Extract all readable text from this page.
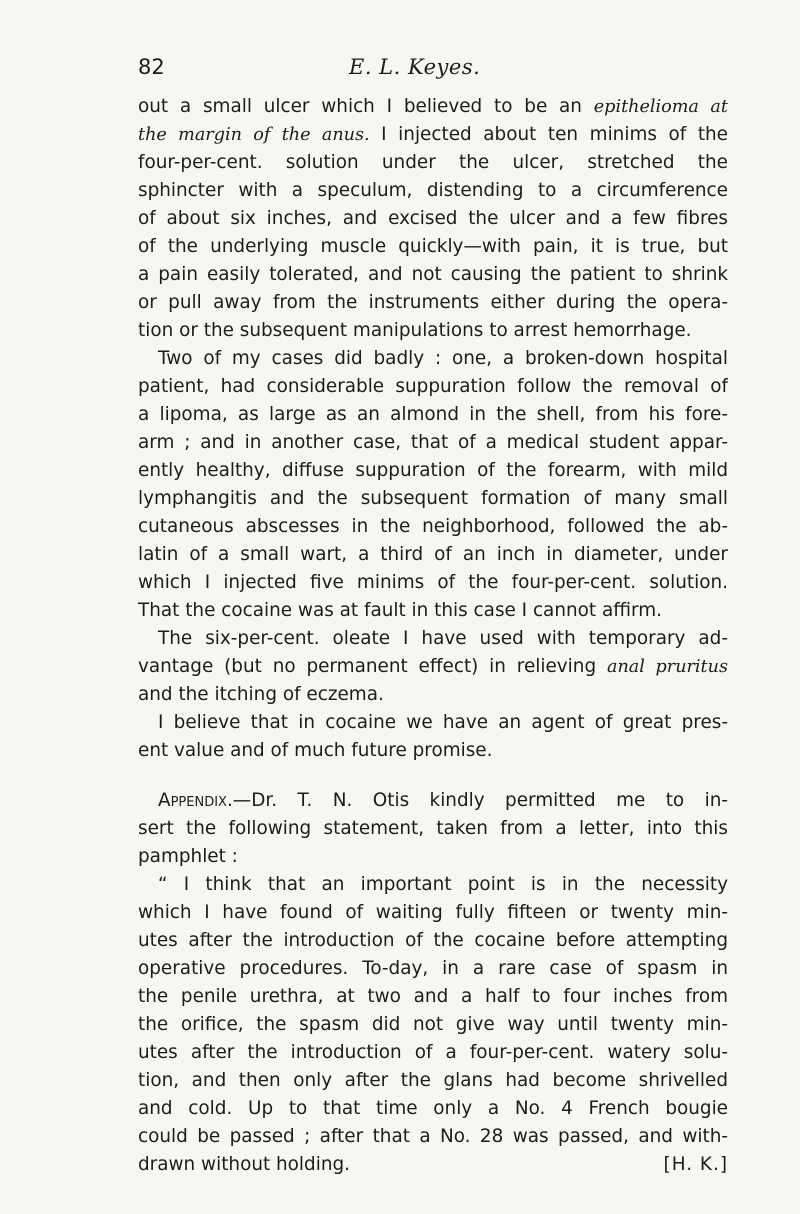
82	E. L. Keyes.
out a small ulcer which I believed to be an epithelioma at
the margin of the anus. I injected about ten minims of the
four-per-cent. solution under the ulcer, stretched the
sphincter with a speculum, distending to a circumference
of about six inches, and excised the ulcer and a few fibres
of the underlying muscle quickly—with pain, it is true, but
a pain easily tolerated, and not causing the patient to shrink
or pull away from the instruments either during the opera-
tion or the subsequent manipulations to arrest hemorrhage.
Two of my cases did badly : one, a broken-down hospital
patient, had considerable suppuration follow the removal of
a lipoma, as large as an almond in the shell, from his fore-
arm ; and in another case, that of a medical student appar-
ently healthy, diffuse suppuration of the forearm, with mild
lymphangitis and the subsequent formation of many small
cutaneous abscesses in the neighborhood, followed the ab-
latin of a small wart, a third of an inch in diameter, under
which I injected five minims of the four-per-cent. solution.
That the cocaine was at fault in this case I cannot affirm.
The six-per-cent. oleate I have used with temporary ad-
vantage (but no permanent effect) in relieving anal pruritus
and the itching of eczema.
I believe that in cocaine we have an agent of great pres-
ent value and of much future promise.
Appendix.—Dr. T. N. Otis kindly permitted me to in-
sert the following statement, taken from a letter, into this
pamphlet :
“ I think that an important point is in the necessity
which I have found of waiting fully fifteen or twenty min-
utes after the introduction of the cocaine before attempting
operative procedures. To-day, in a rare case of spasm in
the penile urethra, at two and a half to four inches from
the orifice, the spasm did not give way until twenty min-
utes after the introduction of a four-per-cent. watery solu-
tion, and then only after the glans had become shrivelled
and cold. Up to that time only a No. 4 French bougie
could be passed ; after that a No. 28 was passed, and with-
drawn without holding.	[H. K.]
